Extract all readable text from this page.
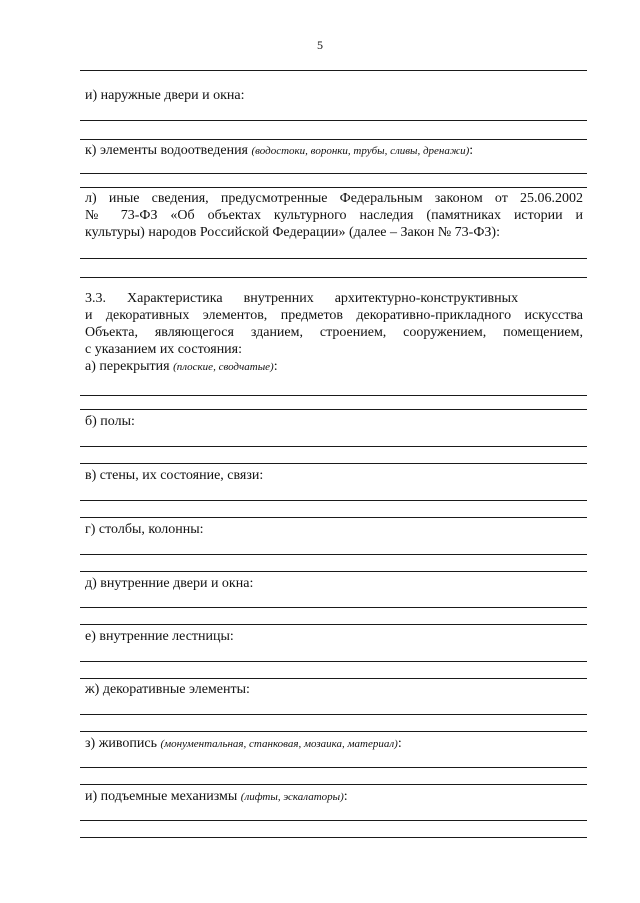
5
и) наружные двери и окна:
к) элементы водоотведения (водостоки, воронки, трубы, сливы, дренажи):
л) иные сведения, предусмотренные Федеральным законом от 25.06.2002
№ 73-ФЗ «Об объектах культурного наследия (памятниках истории и
культуры) народов Российской Федерации» (далее – Закон № 73-ФЗ):
3.3.      Характеристика      внутренних      архитектурно-конструктивных
и декоративных элементов, предметов декоративно-прикладного искусства
Объекта, являющегося зданием, строением, сооружением, помещением,
с указанием их состояния:
а) перекрытия (плоские, сводчатые):
б) полы:
в) стены, их состояние, связи:
г) столбы, колонны:
д) внутренние двери и окна:
е) внутренние лестницы:
ж) декоративные элементы:
з) живопись (монументальная, станковая, мозаика, материал):
и) подъемные механизмы (лифты, эскалаторы):
